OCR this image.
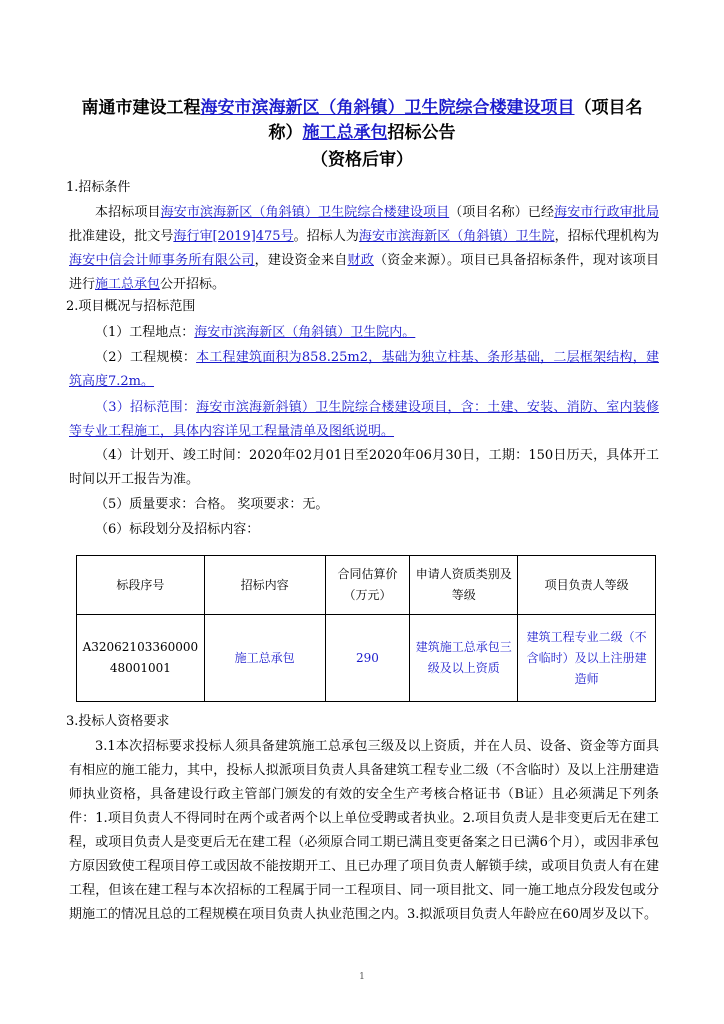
南通市建设工程海安市滨海新区（角斜镇）卫生院综合楼建设项目（项目名
称）施工总承包招标公告
（资格后审）
1.招标条件
本招标项目海安市滨海新区（角斜镇）卫生院综合楼建设项目（项目名称）已经海安市行政审批局批准建设，批文号海行审[2019]475号。招标人为海安市滨海新区（角斜镇）卫生院，招标代理机构为海安中信会计师事务所有限公司，建设资金来自财政（资金来源）。项目已具备招标条件，现对该项目进行施工总承包公开招标。
2.项目概况与招标范围
（1）工程地点：海安市滨海新区（角斜镇）卫生院内。
（2）工程规模：本工程建筑面积为858.25m2，基础为独立柱基、条形基础，二层框架结构，建筑高度7.2m。
（3）招标范围：海安市滨海新斜镇）卫生院综合楼建设项目，含：土建、安装、消防、室内装修等专业工程施工，具体内容详见工程量清单及图纸说明。
（4）计划开、竣工时间：2020年02月01日至2020年06月30日，工期：150日历天，具体开工时间以开工报告为准。
（5）质量要求：合格。 奖项要求：无。
（6）标段划分及招标内容：
标段序号	招标内容	合同估算价（万元）	申请人资质类别及等级	项目负责人等级
A3206210336000048001001	施工总承包	290	建筑施工总承包三级及以上资质	建筑工程专业二级（不含临时）及以上注册建造师
3.投标人资格要求
3.1本次招标要求投标人须具备建筑施工总承包三级及以上资质，并在人员、设备、资金等方面具有相应的施工能力，其中，投标人拟派项目负责人具备建筑工程专业二级（不含临时）及以上注册建造师执业资格，具备建设行政主管部门颁发的有效的安全生产考核合格证书（B证）且必须满足下列条件：1.项目负责人不得同时在两个或者两个以上单位受聘或者执业。2.项目负责人是非变更后无在建工程，或项目负责人是变更后无在建工程（必须原合同工期已满且变更备案之日已满6个月），或因非承包方原因致使工程项目停工或因故不能按期开工、且已办理了项目负责人解锁手续，或项目负责人有在建工程，但该在建工程与本次招标的工程属于同一工程项目、同一项目批文、同一施工地点分段发包或分期施工的情况且总的工程规模在项目负责人执业范围之内。3.拟派项目负责人年龄应在60周岁及以下。
1
